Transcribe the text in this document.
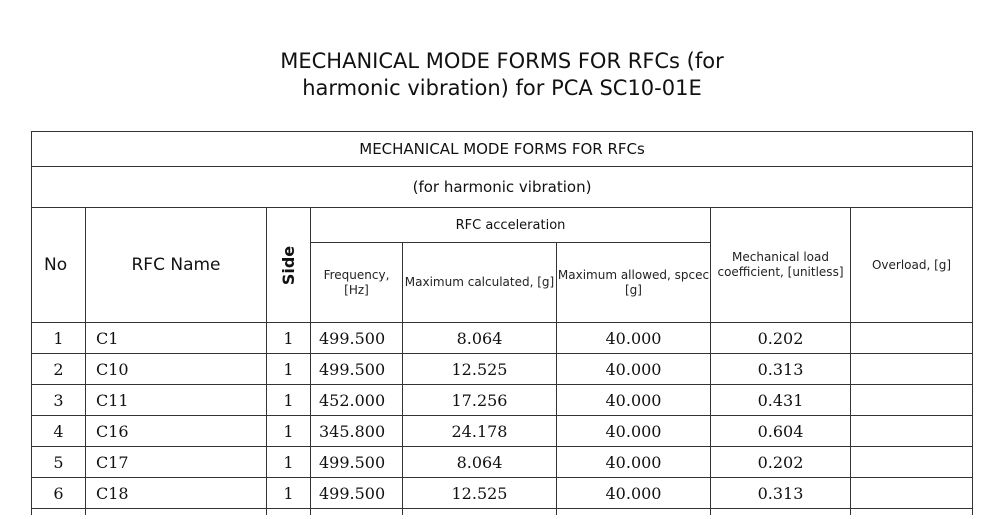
MECHANICAL MODE FORMS FOR RFCs (for
harmonic vibration) for PCA SC10-01E
MECHANICAL MODE FORMS FOR RFCs							
(for harmonic vibration)							
No	RFC Name	Side	RFC acceleration			Mechanical load coefficient, [unitless]	Overload, [g]
			Frequency, [Hz]	Maximum calculated, [g]	Maximum allowed, spcec [g]		
1	C1	1	499.500	8.064	40.000	0.202	
2	C10	1	499.500	12.525	40.000	0.313	
3	C11	1	452.000	17.256	40.000	0.431	
4	C16	1	345.800	24.178	40.000	0.604	
5	C17	1	499.500	8.064	40.000	0.202	
6	C18	1	499.500	12.525	40.000	0.313	
